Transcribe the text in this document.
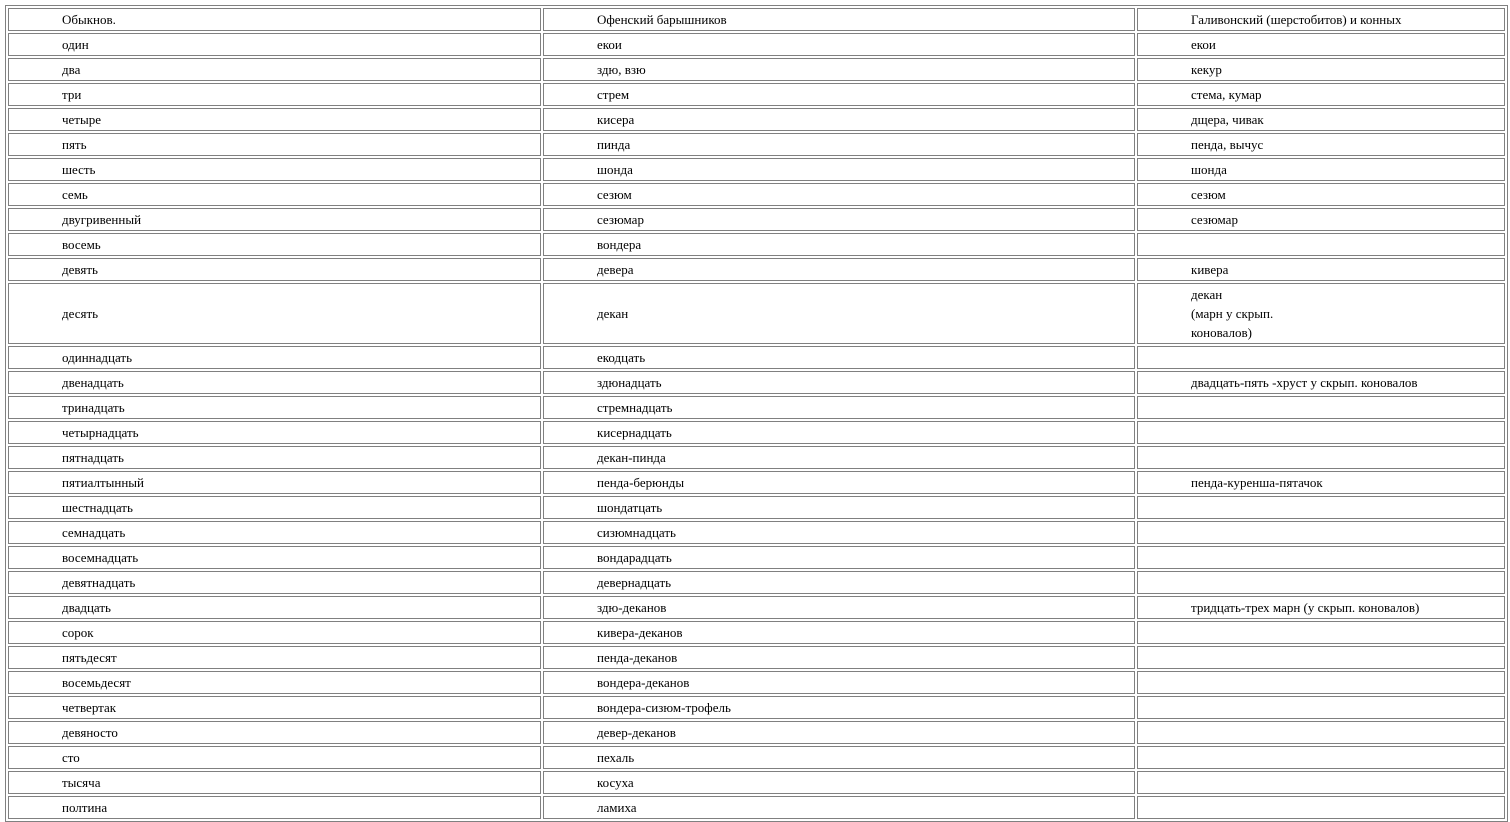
Обыкнов.	Офенский барышников	Галивонский (шерстобитов) и конных
один	екои	екои
два	здю, взю	кекур
три	стрем	стема, кумар
четыре	кисера	дщера, чивак
пять	пинда	пенда, вычус
шесть	шонда	шонда
семь	сезюм	сезюм
двугривенный	сезюмар	сезюмар
восемь	вондера	
девять	девера	кивера
десять	декан	декан
(марн у скрып.
коновалов)

одиннадцать	екодцать	
двенадцать	здюнадцать	двадцать-пять -хруст у скрып. коновалов
тринадцать	стремнадцать	
четырнадцать	кисернадцать	
пятнадцать	декан-пинда	
пятиалтынный	пенда-берюнды	пенда-куренша-пятачок
шестнадцать	шондатцать	
семнадцать	сизюмнадцать	
восемнадцать	вондарадцать	
девятнадцать	девернадцать	
двадцать	здю-деканов	тридцать-трех марн (у скрып. коновалов)
сорок	кивера-деканов	
пятьдесят	пенда-деканов	
восемьдесят	вондера-деканов	
четвертак	вондера-сизюм-трофель	
девяносто	девер-деканов	
сто	пехаль	
тысяча	косуха	
полтина	ламиха	
